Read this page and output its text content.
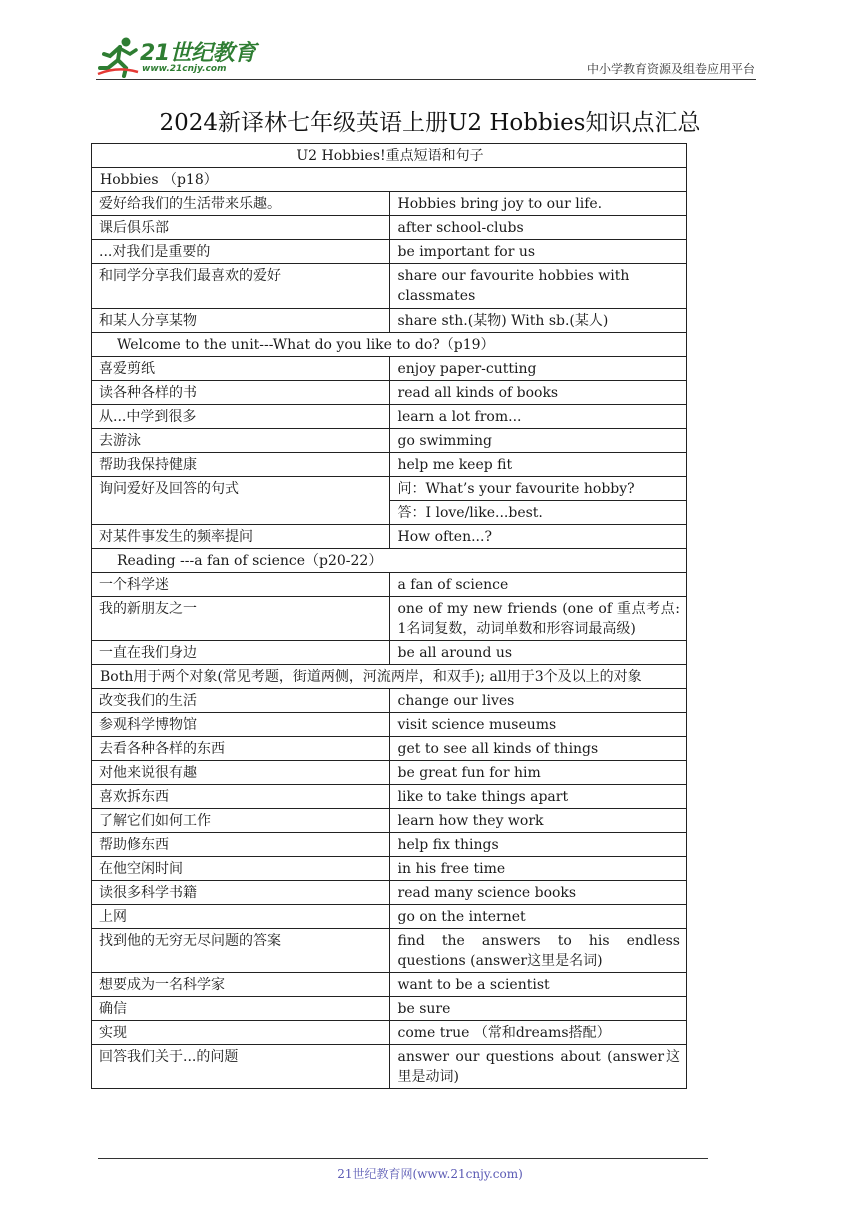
21世纪教育
www.21cnjy.com	中小学教育资源及组卷应用平台
2024新译林七年级英语上册U2 Hobbies知识点汇总
U2 Hobbies!重点短语和句子	
Hobbies （p18）	
爱好给我们的生活带来乐趣。	Hobbies bring joy to our life.
课后俱乐部	after school-clubs
...对我们是重要的	be important for us
和同学分享我们最喜欢的爱好	share our favourite hobbies with classmates
和某人分享某物	share sth.(某物) With sb.(某人)
Welcome to the unit---What do you like to do?（p19）	
喜爱剪纸	enjoy paper-cutting
读各种各样的书	read all kinds of books
从...中学到很多	learn a lot from...
去游泳	go swimming
帮助我保持健康	help me keep fit
询问爱好及回答的句式	问：What’s your favourite hobby?
	答：I love/like...best.
对某件事发生的频率提问	How often...?
Reading ---a fan of science（p20-22）	
一个科学迷	a fan of science
我的新朋友之一	one of my new friends (one of 重点考点: 1名词复数，动词单数和形容词最高级)
一直在我们身边	be all around us
Both用于两个对象(常见考题，街道两侧，河流两岸，和双手); all用于3个及以上的对象	
改变我们的生活	change our lives
参观科学博物馆	visit science museums
去看各种各样的东西	get to see all kinds of things
对他来说很有趣	be great fun for him
喜欢拆东西	like to take things apart
了解它们如何工作	learn how they work
帮助修东西	help fix things
在他空闲时间	in his free time
读很多科学书籍	read many science books
上网	go on the internet
找到他的无穷无尽问题的答案	find the answers to his endless questions (answer这里是名词)
想要成为一名科学家	want to be a scientist
确信	be sure
实现	come true （常和dreams搭配）
回答我们关于...的问题	answer our questions about (answer这里是动词)
21世纪教育网(www.21cnjy.com)
